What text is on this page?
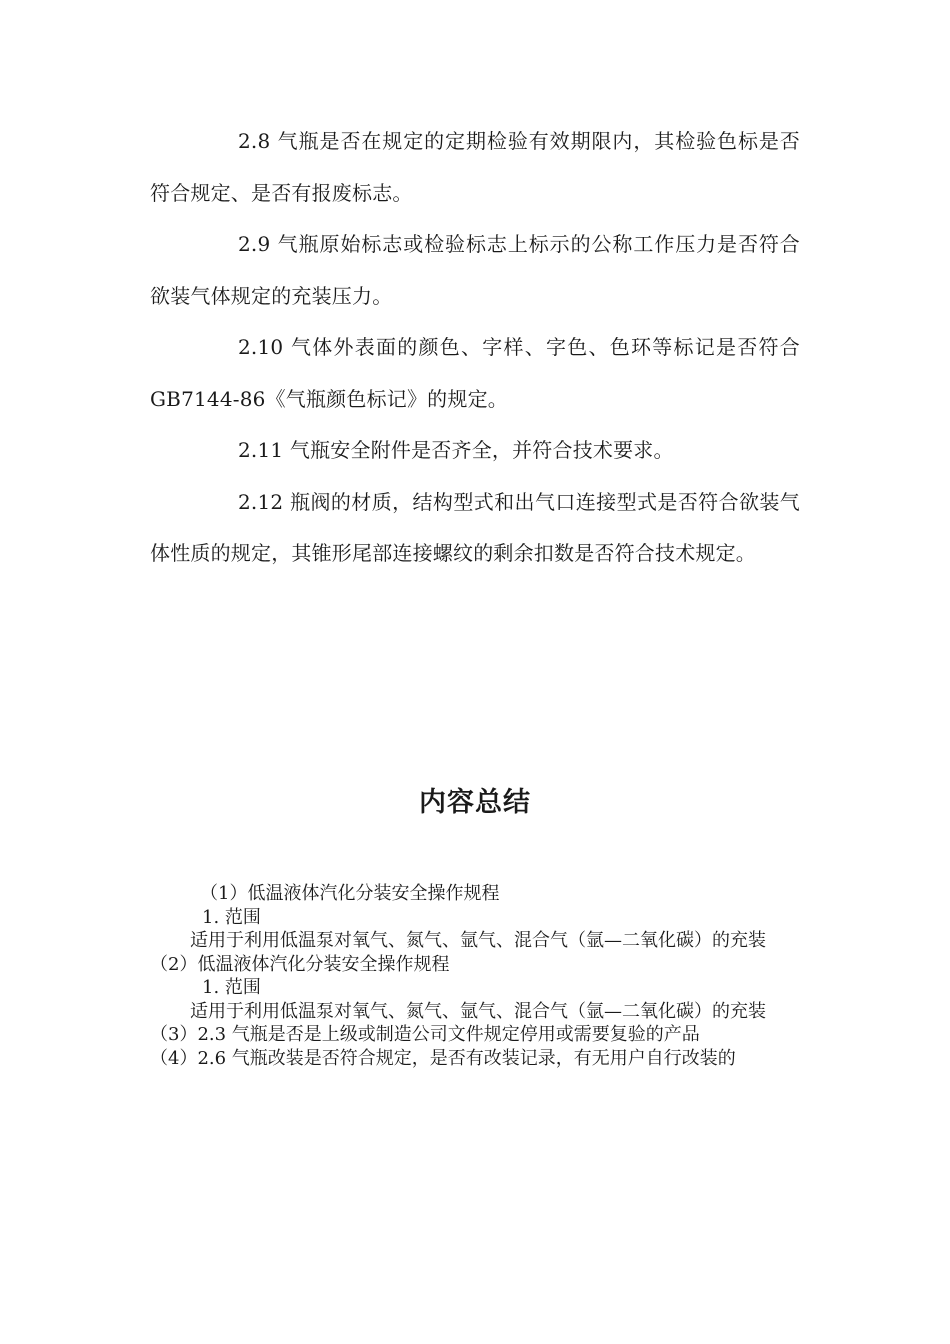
2.8 气瓶是否在规定的定期检验有效期限内，其检验色标是否符合规定、是否有报废标志。

2.9 气瓶原始标志或检验标志上标示的公称工作压力是否符合欲装气体规定的充装压力。

2.10 气体外表面的颜色、字样、字色、色环等标记是否符合 GB7144-86《气瓶颜色标记》的规定。

2.11 气瓶安全附件是否齐全，并符合技术要求。

2.12 瓶阀的材质，结构型式和出气口连接型式是否符合欲装气体性质的规定，其锥形尾部连接螺纹的剩余扣数是否符合技术规定。

内容总结

（1）低温液体汽化分装安全操作规程

1. 范围

适用于利用低温泵对氧气、氮气、氩气、混合气（氩—二氧化碳）的充装

（2）低温液体汽化分装安全操作规程

1. 范围

适用于利用低温泵对氧气、氮气、氩气、混合气（氩—二氧化碳）的充装

（3）2.3 气瓶是否是上级或制造公司文件规定停用或需要复验的产品

（4）2.6 气瓶改装是否符合规定，是否有改装记录，有无用户自行改装的
